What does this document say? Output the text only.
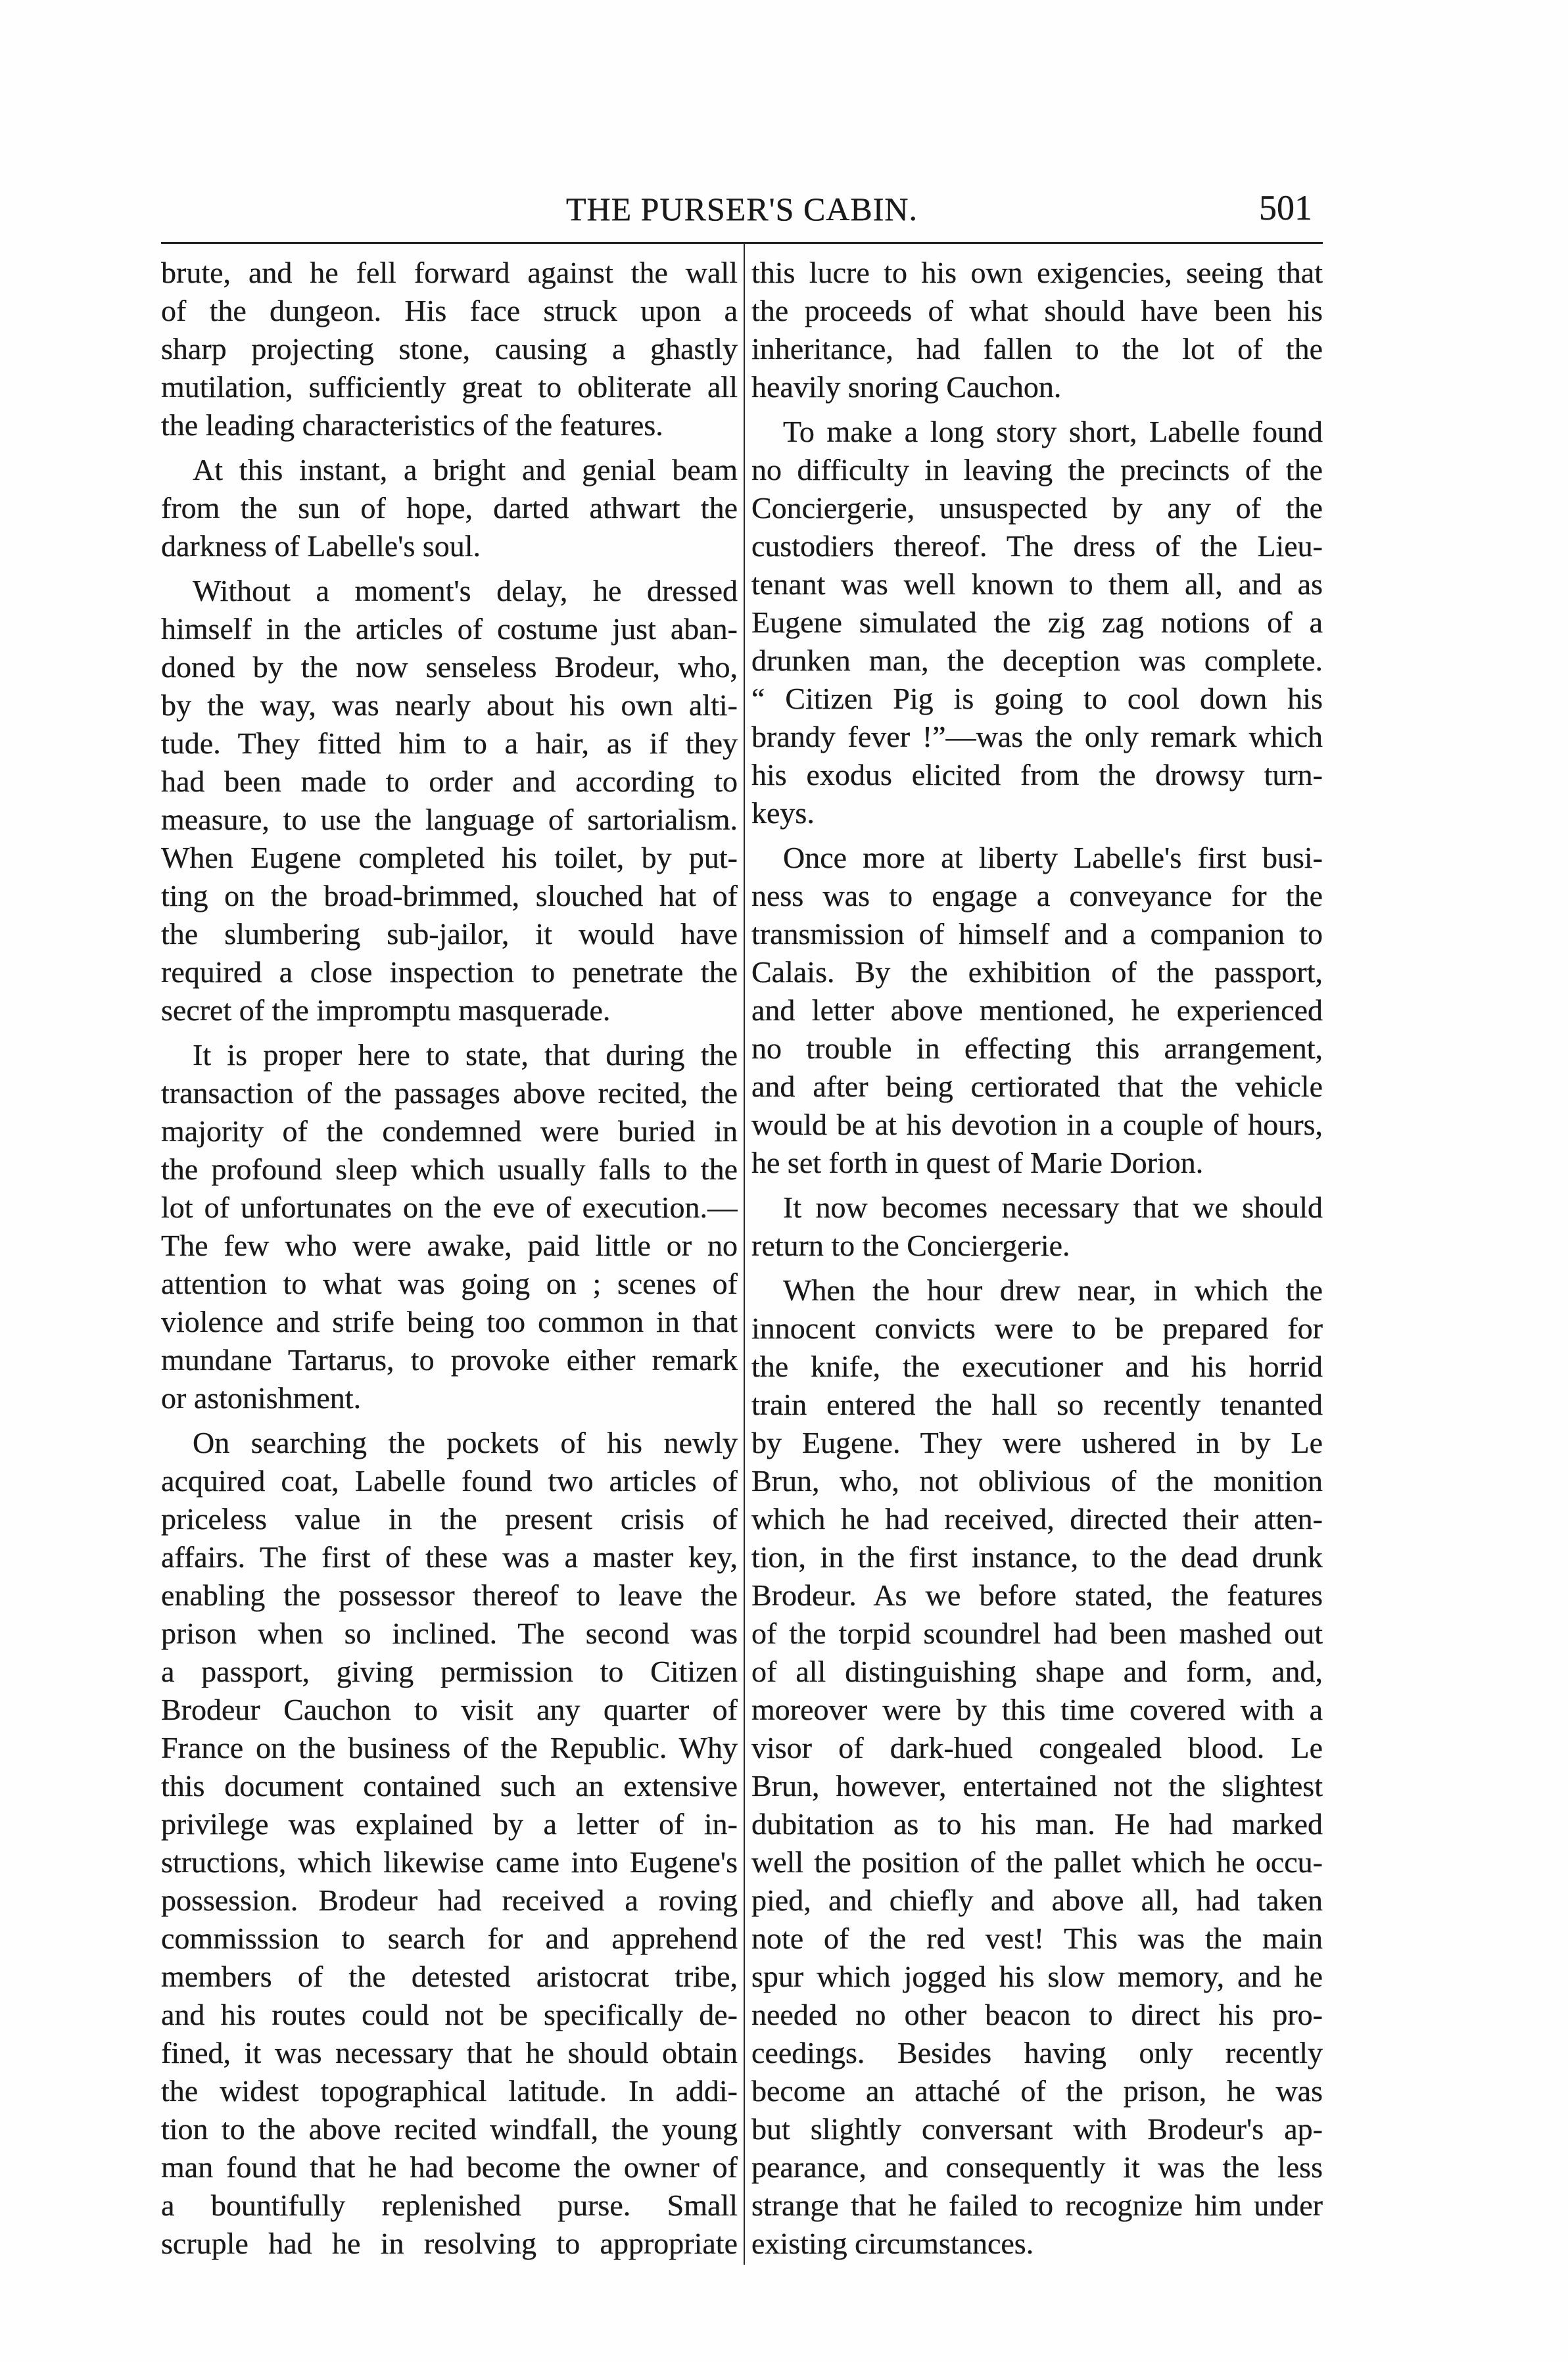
THE PURSER'S CABIN.	501
brute, and he fell forward against the wall
of the dungeon. His face struck upon a
sharp projecting stone, causing a ghastly
mutilation, sufficiently great to obliterate all
the leading characteristics of the features.
At this instant, a bright and genial beam
from the sun of hope, darted athwart the
darkness of Labelle's soul.
Without a moment's delay, he dressed
himself in the articles of costume just aban-
doned by the now senseless Brodeur, who,
by the way, was nearly about his own alti-
tude. They fitted him to a hair, as if they
had been made to order and according to
measure, to use the language of sartorialism.
When Eugene completed his toilet, by put-
ting on the broad-brimmed, slouched hat of
the slumbering sub-jailor, it would have
required a close inspection to penetrate the
secret of the impromptu masquerade.
It is proper here to state, that during the
transaction of the passages above recited, the
majority of the condemned were buried in
the profound sleep which usually falls to the
lot of unfortunates on the eve of execution.—
The few who were awake, paid little or no
attention to what was going on ; scenes of
violence and strife being too common in that
mundane Tartarus, to provoke either remark
or astonishment.
On searching the pockets of his newly
acquired coat, Labelle found two articles of
priceless value in the present crisis of
affairs. The first of these was a master key,
enabling the possessor thereof to leave the
prison when so inclined. The second was
a passport, giving permission to Citizen
Brodeur Cauchon to visit any quarter of
France on the business of the Republic. Why
this document contained such an extensive
privilege was explained by a letter of in-
structions, which likewise came into Eugene's
possession. Brodeur had received a roving
commisssion to search for and apprehend
members of the detested aristocrat tribe,
and his routes could not be specifically de-
fined, it was necessary that he should obtain
the widest topographical latitude. In addi-
tion to the above recited windfall, the young
man found that he had become the owner of
a bountifully replenished purse. Small
scruple had he in resolving to appropriate
this lucre to his own exigencies, seeing that
the proceeds of what should have been his
inheritance, had fallen to the lot of the
heavily snoring Cauchon.
To make a long story short, Labelle found
no difficulty in leaving the precincts of the
Conciergerie, unsuspected by any of the
custodiers thereof. The dress of the Lieu-
tenant was well known to them all, and as
Eugene simulated the zig zag notions of a
drunken man, the deception was complete.
“ Citizen Pig is going to cool down his
brandy fever !”—was the only remark which
his exodus elicited from the drowsy turn-
keys.
Once more at liberty Labelle's first busi-
ness was to engage a conveyance for the
transmission of himself and a companion to
Calais. By the exhibition of the passport,
and letter above mentioned, he experienced
no trouble in effecting this arrangement,
and after being certiorated that the vehicle
would be at his devotion in a couple of hours,
he set forth in quest of Marie Dorion.
It now becomes necessary that we should
return to the Conciergerie.
When the hour drew near, in which the
innocent convicts were to be prepared for
the knife, the executioner and his horrid
train entered the hall so recently tenanted
by Eugene. They were ushered in by Le
Brun, who, not oblivious of the monition
which he had received, directed their atten-
tion, in the first instance, to the dead drunk
Brodeur. As we before stated, the features
of the torpid scoundrel had been mashed out
of all distinguishing shape and form, and,
moreover were by this time covered with a
visor of dark-hued congealed blood. Le
Brun, however, entertained not the slightest
dubitation as to his man. He had marked
well the position of the pallet which he occu-
pied, and chiefly and above all, had taken
note of the red vest! This was the main
spur which jogged his slow memory, and he
needed no other beacon to direct his pro-
ceedings. Besides having only recently
become an attaché of the prison, he was
but slightly conversant with Brodeur's ap-
pearance, and consequently it was the less
strange that he failed to recognize him under
existing circumstances.
